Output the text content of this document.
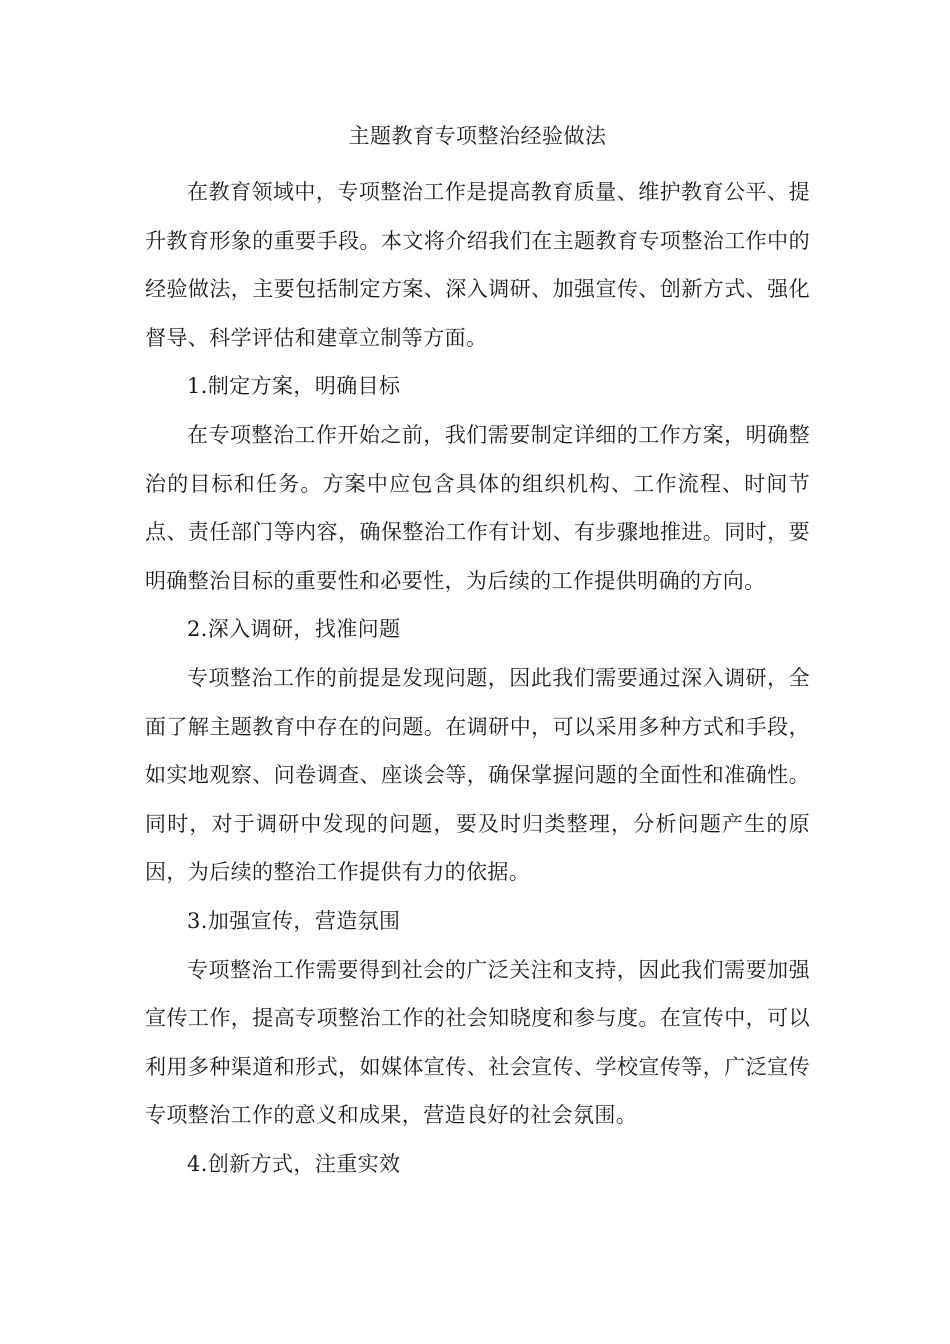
主题教育专项整治经验做法

在教育领域中，专项整治工作是提高教育质量、维护教育公平、提升教育形象的重要手段。本文将介绍我们在主题教育专项整治工作中的经验做法，主要包括制定方案、深入调研、加强宣传、创新方式、强化督导、科学评估和建章立制等方面。

1.制定方案，明确目标

在专项整治工作开始之前，我们需要制定详细的工作方案，明确整治的目标和任务。方案中应包含具体的组织机构、工作流程、时间节点、责任部门等内容，确保整治工作有计划、有步骤地推进。同时，要明确整治目标的重要性和必要性，为后续的工作提供明确的方向。

2.深入调研，找准问题

专项整治工作的前提是发现问题，因此我们需要通过深入调研，全面了解主题教育中存在的问题。在调研中，可以采用多种方式和手段，如实地观察、问卷调查、座谈会等，确保掌握问题的全面性和准确性。同时，对于调研中发现的问题，要及时归类整理，分析问题产生的原因，为后续的整治工作提供有力的依据。

3.加强宣传，营造氛围

专项整治工作需要得到社会的广泛关注和支持，因此我们需要加强宣传工作，提高专项整治工作的社会知晓度和参与度。在宣传中，可以利用多种渠道和形式，如媒体宣传、社会宣传、学校宣传等，广泛宣传专项整治工作的意义和成果，营造良好的社会氛围。

4.创新方式，注重实效
